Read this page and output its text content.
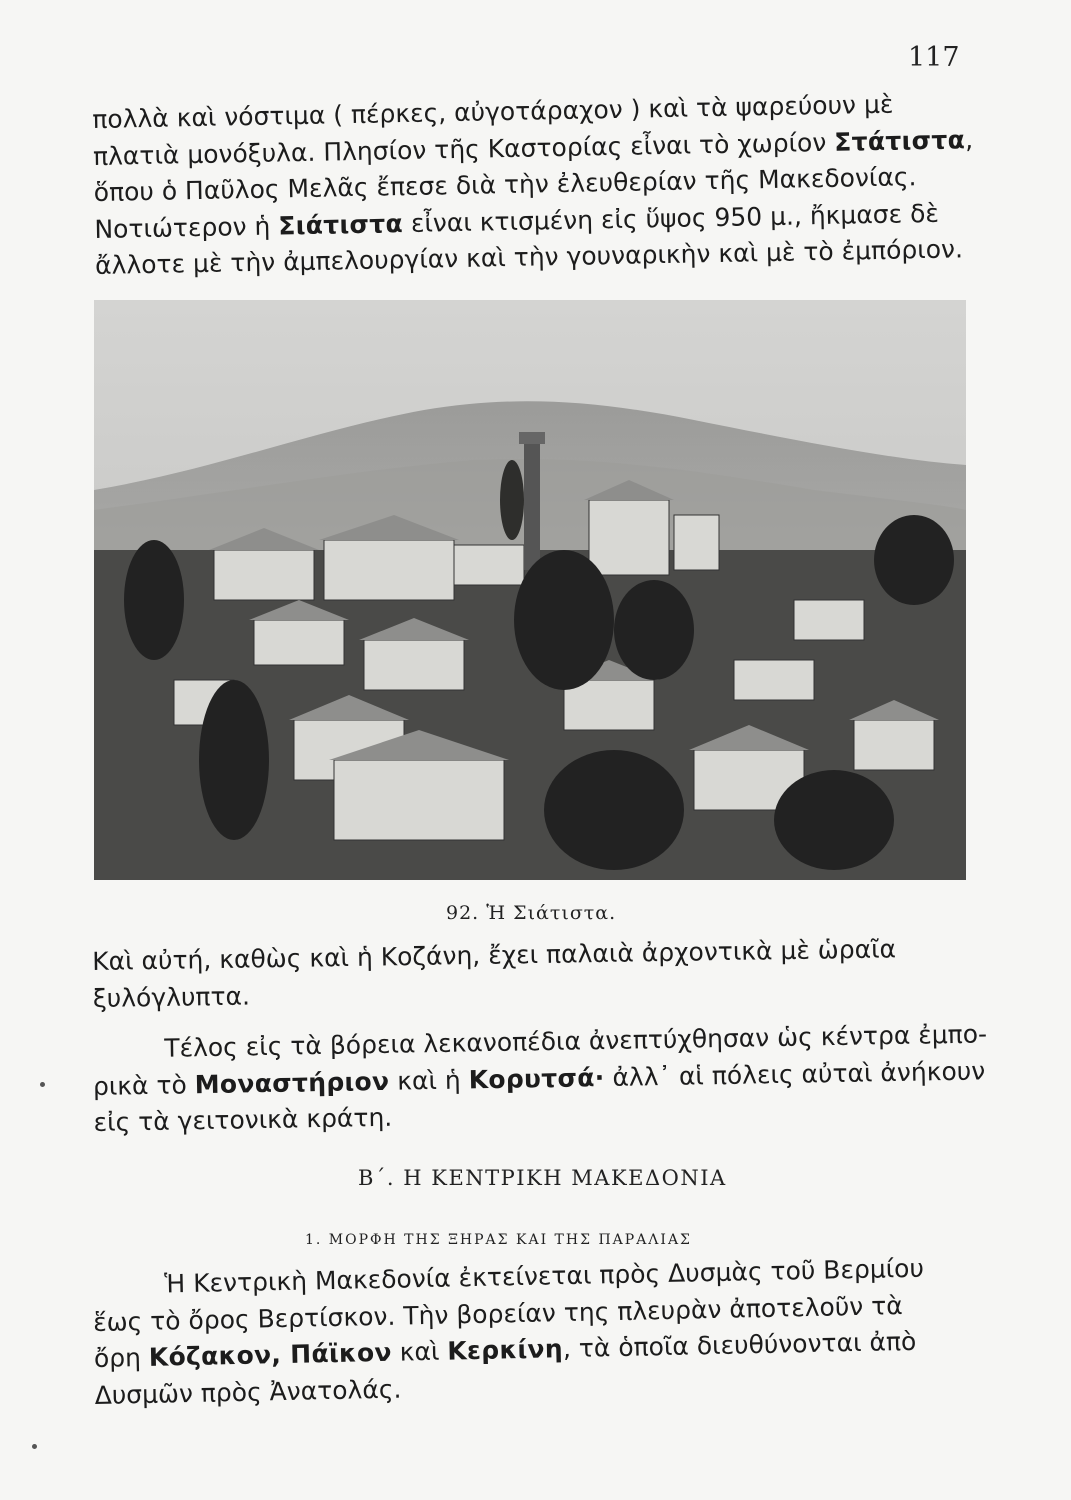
117

πολλὰ καὶ νόστιμα ( πέρκες, αὐγοτάραχον ) καὶ τὰ ψαρεύουν μὲ
πλατιὰ μονόξυλα. Πλησίον τῆς Καστορίας εἶναι τὸ χωρίον Στάτιστα,
ὅπου ὁ Παῦλος Μελᾶς ἔπεσε διὰ τὴν ἐλευθερίαν τῆς Μακεδονίας.
Νοτιώτερον ἡ Σιάτιστα εἶναι κτισμένη εἰς ὕψος 950 μ., ἤκμασε δὲ
ἄλλοτε μὲ τὴν ἀμπελουργίαν καὶ τὴν γουναρικὴν καὶ μὲ τὸ ἐμπόριον.

92. Ἡ Σιάτιστα.

Καὶ αὐτή, καθὼς καὶ ἡ Κοζάνη, ἔχει παλαιὰ ἀρχοντικὰ μὲ ὡραῖα
ξυλόγλυπτα.

Τέλος εἰς τὰ βόρεια λεκανοπέδια ἀνεπτύχθησαν ὡς κέντρα ἐμπο-
ρικὰ τὸ Μοναστήριον καὶ ἡ Κορυτσά· ἀλλ᾽ αἱ πόλεις αὐταὶ ἀνήκουν
εἰς τὰ γειτονικὰ κράτη.

Β΄. Η ΚΕΝΤΡΙΚΗ ΜΑΚΕΔΟΝΙΑ
1. ΜΟΡΦΗ ΤΗΣ ΞΗΡΑΣ ΚΑΙ ΤΗΣ ΠΑΡΑΛΙΑΣ

Ἡ Κεντρικὴ Μακεδονία ἐκτείνεται πρὸς Δυσμὰς τοῦ Βερμίου
ἕως τὸ ὄρος Βερτίσκον. Τὴν βορείαν της πλευρὰν ἀποτελοῦν τὰ
ὄρη Κόζακον, Πάϊκον καὶ Κερκίνη, τὰ ὁποῖα διευθύνονται ἀπὸ
Δυσμῶν πρὸς Ἀνατολάς.
